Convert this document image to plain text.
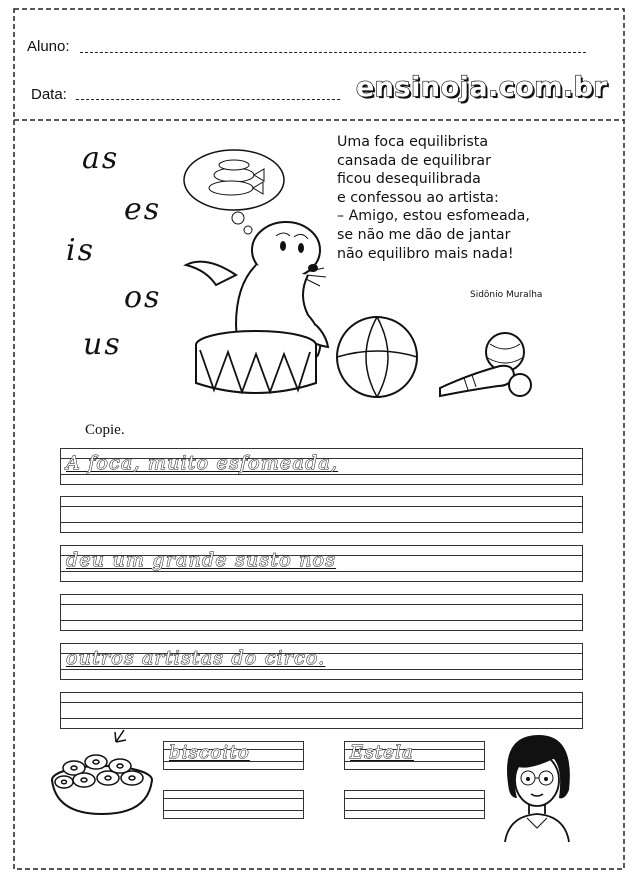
Aluno:
Data:	ensinoja.com.br
as
es
is
os
us
Uma foca equilibrista
cansada de equilibrar
ficou desequilibrada
e confessou ao artista:
– Amigo, estou esfomeada,
se não me dão de jantar
não equilibro mais nada!
Sidônio Muralha
Copie.
A foca, muito esfomeada,
deu um grande susto nos
outros artistas do circo.
biscoito	Estela
